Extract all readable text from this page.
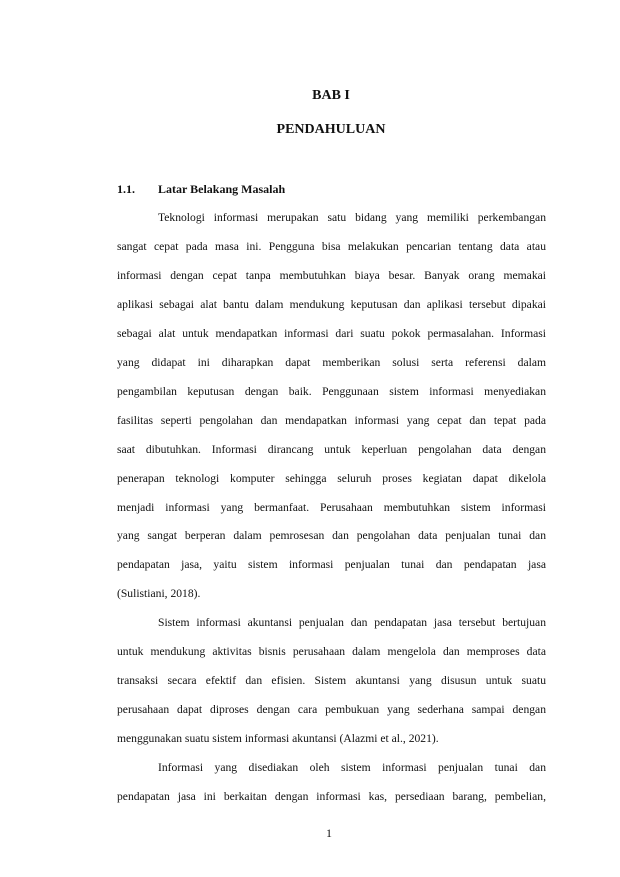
BAB I
PENDAHULUAN
1.1. Latar Belakang Masalah
Teknologi informasi merupakan satu bidang yang memiliki perkembangan
sangat cepat pada masa ini. Pengguna bisa melakukan pencarian tentang data atau
informasi dengan cepat tanpa membutuhkan biaya besar. Banyak orang memakai
aplikasi sebagai alat bantu dalam mendukung keputusan dan aplikasi tersebut dipakai
sebagai alat untuk mendapatkan informasi dari suatu pokok permasalahan. Informasi
yang didapat ini diharapkan dapat memberikan solusi serta referensi dalam
pengambilan keputusan dengan baik. Penggunaan sistem informasi menyediakan
fasilitas seperti pengolahan dan mendapatkan informasi yang cepat dan tepat pada
saat dibutuhkan. Informasi dirancang untuk keperluan pengolahan data dengan
penerapan teknologi komputer sehingga seluruh proses kegiatan dapat dikelola
menjadi informasi yang bermanfaat. Perusahaan membutuhkan sistem informasi
yang sangat berperan dalam pemrosesan dan pengolahan data penjualan tunai dan
pendapatan jasa, yaitu sistem informasi penjualan tunai dan pendapatan jasa
(Sulistiani, 2018).
Sistem informasi akuntansi penjualan dan pendapatan jasa tersebut bertujuan
untuk mendukung aktivitas bisnis perusahaan dalam mengelola dan memproses data
transaksi secara efektif dan efisien. Sistem akuntansi yang disusun untuk suatu
perusahaan dapat diproses dengan cara pembukuan yang sederhana sampai dengan
menggunakan suatu sistem informasi akuntansi (Alazmi et al., 2021).
Informasi yang disediakan oleh sistem informasi penjualan tunai dan
pendapatan jasa ini berkaitan dengan informasi kas, persediaan barang, pembelian,
1
